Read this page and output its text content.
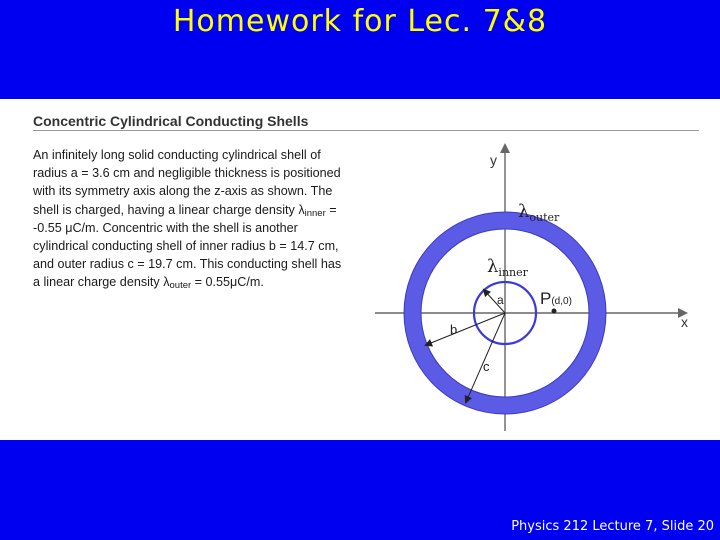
Homework for Lec. 7&8
Concentric Cylindrical Conducting Shells
An infinitely long solid conducting cylindrical shell of radius a = 3.6 cm and negligible thickness is positioned with its symmetry axis along the z-axis as shown. The shell is charged, having a linear charge density $\lambda_{inner} = -0.55$ μC/m. Concentric with the shell is another cylindrical conducting shell of inner radius b = 14.7 cm, and outer radius c = 19.7 cm. This conducting shell has a linear charge density $\lambda_{outer} = 0.55\mu C/m$.
y
x
a
b
c
$\lambda_{outer}$
$\lambda_{inner}$
P(d,0)
Physics 212 Lecture 7, Slide 20
